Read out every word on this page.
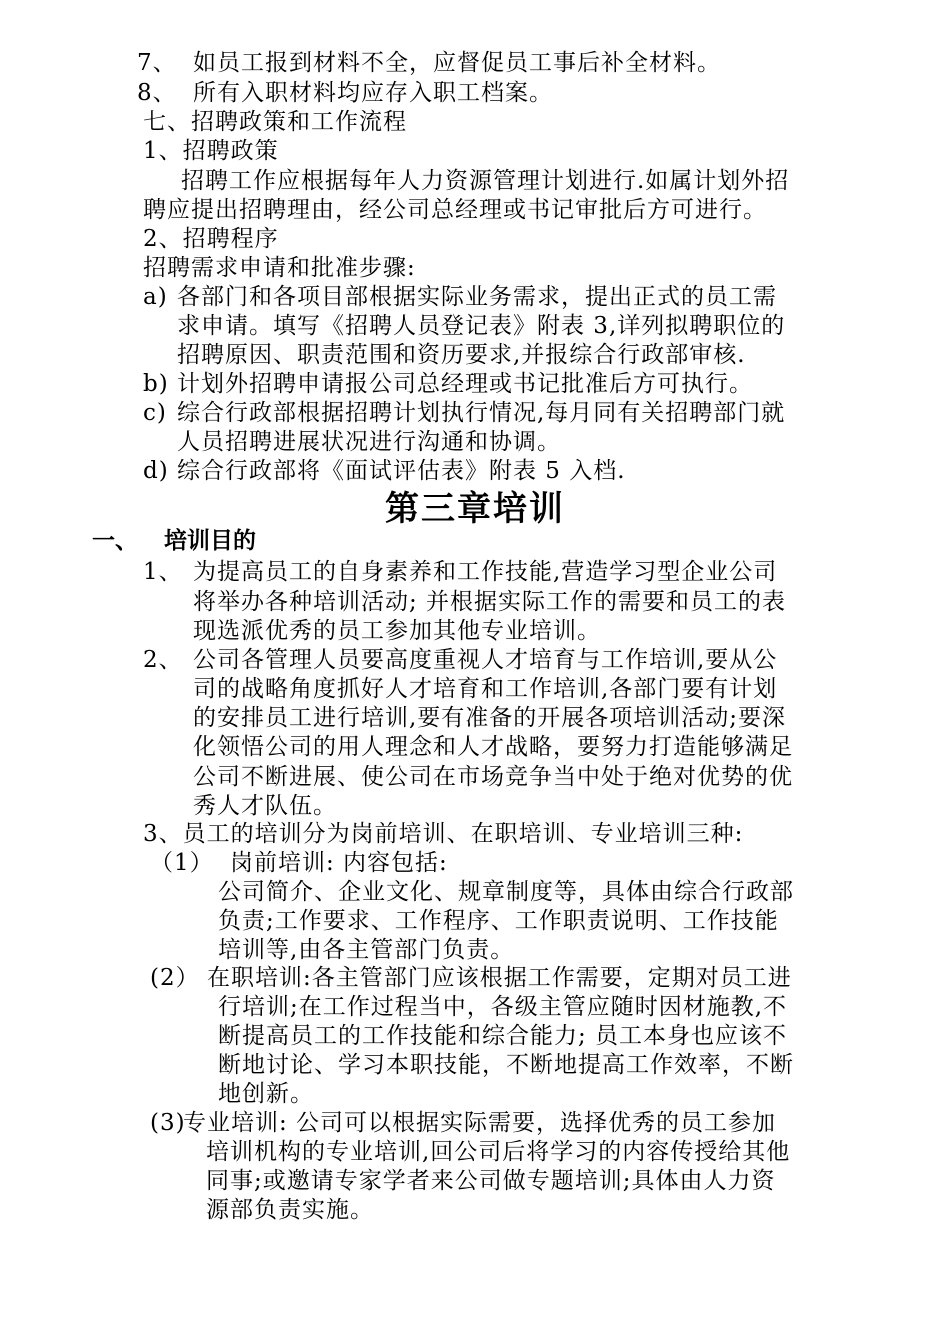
7、 如员工报到材料不全，应督促员工事后补全材料。
8、 所有入职材料均应存入职工档案。
七、招聘政策和工作流程
1、招聘政策
招聘工作应根据每年人力资源管理计划进行.如属计划外招
聘应提出招聘理由，经公司总经理或书记审批后方可进行。
2、招聘程序
招聘需求申请和批准步骤:
a) 各部门和各项目部根据实际业务需求，提出正式的员工需
求申请。填写《招聘人员登记表》附表 3,详列拟聘职位的
招聘原因、职责范围和资历要求,并报综合行政部审核.
b) 计划外招聘申请报公司总经理或书记批准后方可执行。
c) 综合行政部根据招聘计划执行情况,每月同有关招聘部门就
人员招聘进展状况进行沟通和协调。
d) 综合行政部将《面试评估表》附表 5 入档.
第三章培训
一、 培训目的
1、 为提高员工的自身素养和工作技能,营造学习型企业公司
将举办各种培训活动; 并根据实际工作的需要和员工的表
现选派优秀的员工参加其他专业培训。
2、 公司各管理人员要高度重视人才培育与工作培训,要从公
司的战略角度抓好人才培育和工作培训,各部门要有计划
的安排员工进行培训,要有准备的开展各项培训活动;要深
化领悟公司的用人理念和人才战略，要努力打造能够满足
公司不断进展、使公司在市场竞争当中处于绝对优势的优
秀人才队伍。
3、员工的培训分为岗前培训、在职培训、专业培训三种:
（1） 岗前培训: 内容包括:
公司简介、企业文化、规章制度等，具体由综合行政部
负责;工作要求、工作程序、工作职责说明、工作技能
培训等,由各主管部门负责。
(2） 在职培训:各主管部门应该根据工作需要，定期对员工进
行培训;在工作过程当中，各级主管应随时因材施教,不
断提高员工的工作技能和综合能力; 员工本身也应该不
断地讨论、学习本职技能，不断地提高工作效率，不断
地创新。
(3)
专业培训: 公司可以根据实际需要，选择优秀的员工参加
培训机构的专业培训,回公司后将学习的内容传授给其他
同事;或邀请专家学者来公司做专题培训;具体由人力资
源部负责实施。
